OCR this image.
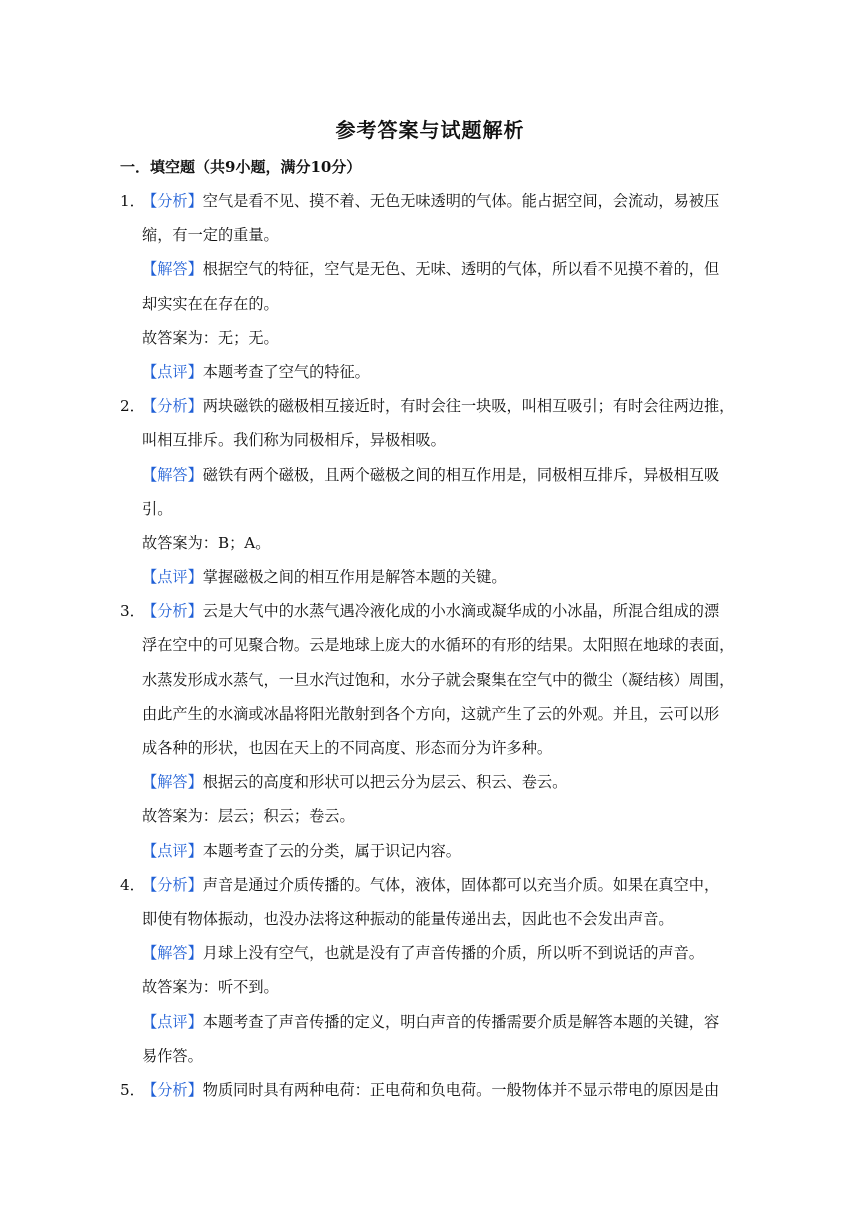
参考答案与试题解析
一．填空题（共9小题，满分10分）
1．【分析】空气是看不见、摸不着、无色无味透明的气体。能占据空间，会流动，易被压
缩，有一定的重量。
【解答】根据空气的特征，空气是无色、无味、透明的气体，所以看不见摸不着的，但
却实实在在存在的。
故答案为：无；无。
【点评】本题考查了空气的特征。
2．【分析】两块磁铁的磁极相互接近时，有时会往一块吸，叫相互吸引；有时会往两边推，
叫相互排斥。我们称为同极相斥，异极相吸。
【解答】磁铁有两个磁极，且两个磁极之间的相互作用是，同极相互排斥，异极相互吸
引。
故答案为：B；A。
【点评】掌握磁极之间的相互作用是解答本题的关键。
3．【分析】云是大气中的水蒸气遇冷液化成的小水滴或凝华成的小冰晶，所混合组成的漂
浮在空中的可见聚合物。云是地球上庞大的水循环的有形的结果。太阳照在地球的表面，
水蒸发形成水蒸气，一旦水汽过饱和，水分子就会聚集在空气中的微尘（凝结核）周围，
由此产生的水滴或冰晶将阳光散射到各个方向，这就产生了云的外观。并且，云可以形
成各种的形状，也因在天上的不同高度、形态而分为许多种。
【解答】根据云的高度和形状可以把云分为层云、积云、卷云。
故答案为：层云；积云；卷云。
【点评】本题考查了云的分类，属于识记内容。
4．【分析】声音是通过介质传播的。气体，液体，固体都可以充当介质。如果在真空中，
即使有物体振动，也没办法将这种振动的能量传递出去，因此也不会发出声音。
【解答】月球上没有空气，也就是没有了声音传播的介质，所以听不到说话的声音。
故答案为：听不到。
【点评】本题考查了声音传播的定义，明白声音的传播需要介质是解答本题的关键，容
易作答。
5．【分析】物质同时具有两种电荷：正电荷和负电荷。一般物体并不显示带电的原因是由
